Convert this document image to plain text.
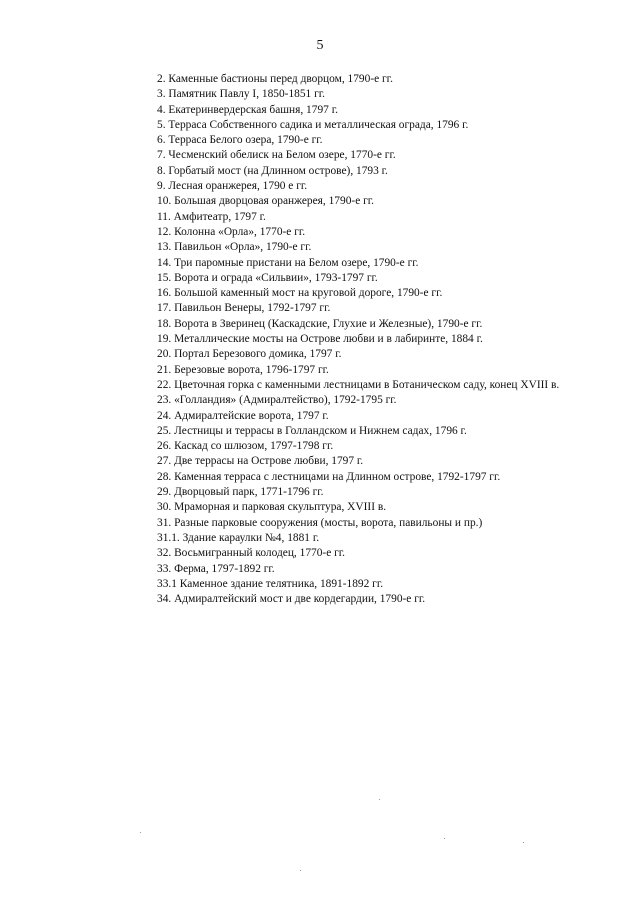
5
2. Каменные бастионы перед дворцом, 1790-е гг.
3. Памятник Павлу I, 1850-1851 гг.
4. Екатеринвердерская башня, 1797 г.
5. Терраса Собственного садика и металлическая ограда, 1796 г.
6. Терраса Белого озера, 1790-е гг.
7. Чесменский обелиск на Белом озере, 1770-е гг.
8. Горбатый мост (на Длинном острове), 1793 г.
9. Лесная оранжерея, 1790 е гг.
10. Большая дворцовая оранжерея, 1790-е гг.
11. Амфитеатр, 1797 г.
12. Колонна «Орла», 1770-е гг.
13. Павильон «Орла», 1790-е гг.
14. Три паромные пристани на Белом озере, 1790-е гг.
15. Ворота и ограда «Сильвии», 1793-1797 гг.
16. Большой каменный мост на круговой дороге, 1790-е гг.
17. Павильон Венеры, 1792-1797 гг.
18. Ворота в Зверинец (Каскадские, Глухие и Железные), 1790-е гг.
19. Металлические мосты на Острове любви и в лабиринте, 1884 г.
20. Портал Березового домика, 1797 г.
21. Березовые ворота, 1796-1797 гг.
22. Цветочная горка с каменными лестницами в Ботаническом саду, конец XVIII в.
23. «Голландия» (Адмиралтейство), 1792-1795 гг.
24. Адмиралтейские ворота, 1797 г.
25. Лестницы и террасы в Голландском и Нижнем садах, 1796 г.
26. Каскад со шлюзом, 1797-1798 гг.
27. Две террасы на Острове любви, 1797 г.
28. Каменная терраса с лестницами на Длинном острове, 1792-1797 гг.
29. Дворцовый парк, 1771-1796 гг.
30. Мраморная и парковая скульптура, XVIII в.
31. Разные парковые сооружения (мосты, ворота, павильоны и пр.)
31.1. Здание караулки №4, 1881 г.
32. Восьмигранный колодец, 1770-е гг.
33. Ферма, 1797-1892 гг.
33.1 Каменное здание телятника, 1891-1892 гг.
34. Адмиралтейский мост и две кордегардии, 1790-е гг.
